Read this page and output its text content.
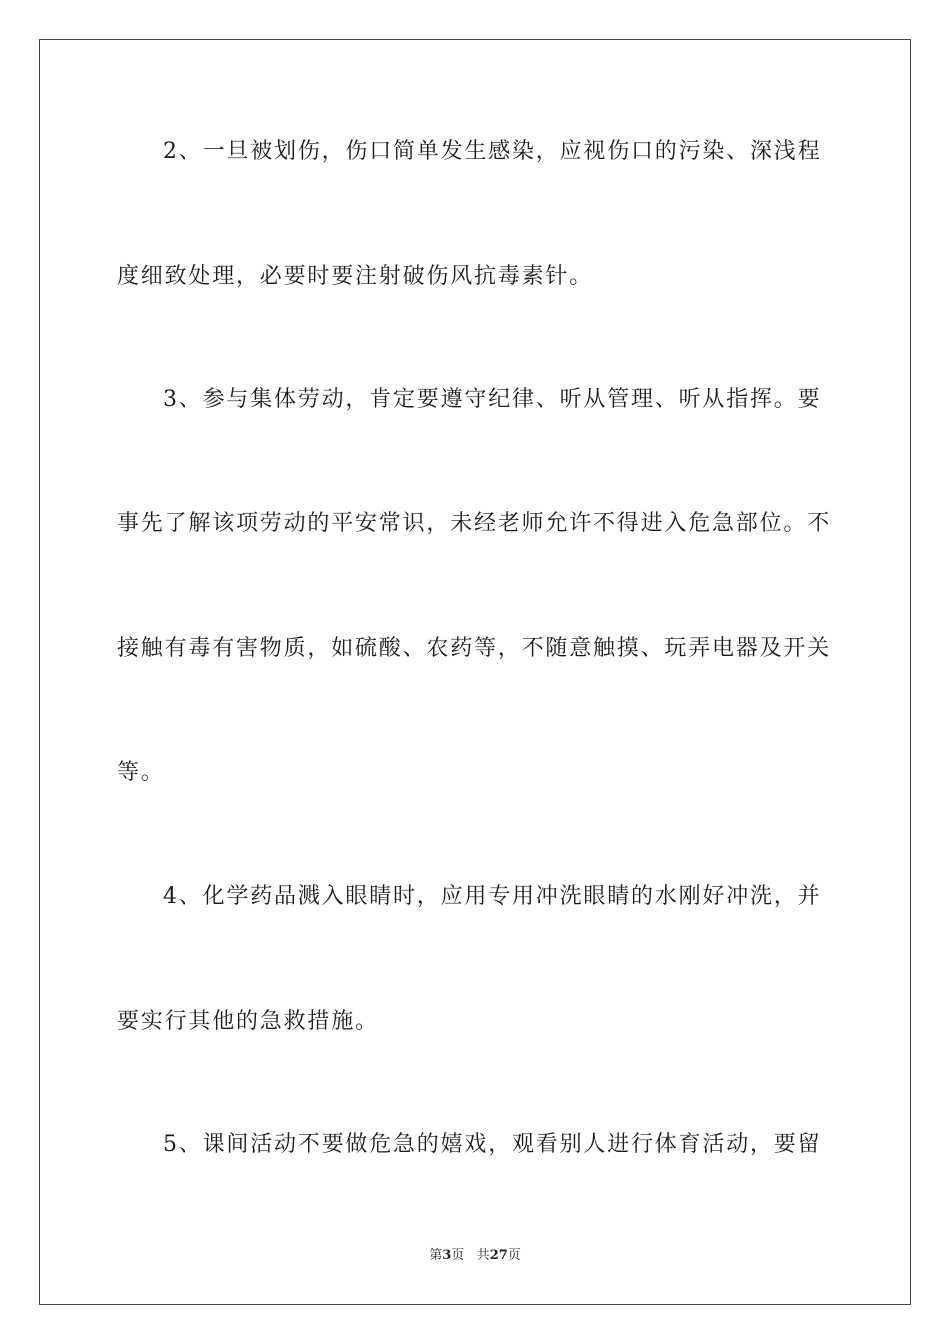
2、一旦被划伤，伤口简单发生感染，应视伤口的污染、深浅程
度细致处理，必要时要注射破伤风抗毒素针。
3、参与集体劳动，肯定要遵守纪律、听从管理、听从指挥。要
事先了解该项劳动的平安常识，未经老师允许不得进入危急部位。不
接触有毒有害物质，如硫酸、农药等，不随意触摸、玩弄电器及开关
等。
4、化学药品溅入眼睛时，应用专用冲洗眼睛的水刚好冲洗，并
要实行其他的急救措施。
5、课间活动不要做危急的嬉戏，观看别人进行体育活动，要留
第3页 共27页
